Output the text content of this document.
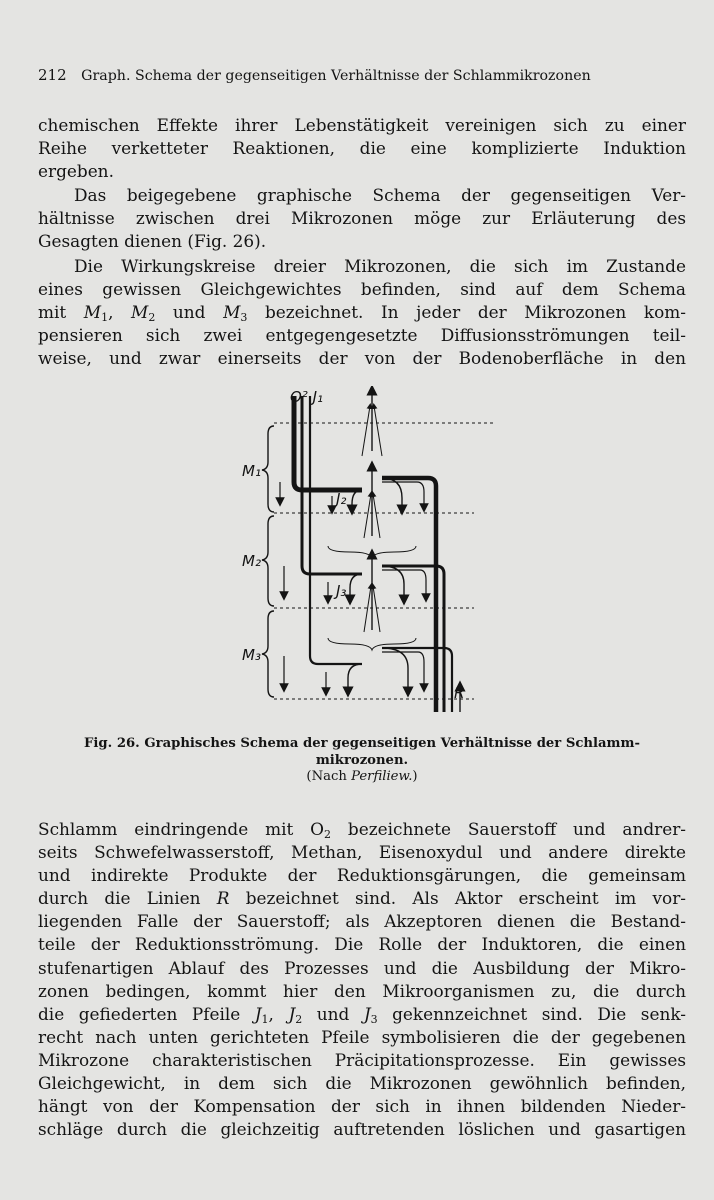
212 Graph. Schema der gegenseitigen Verhältnisse der Schlammikrozonen

chemischen Effekte ihrer Lebenstätigkeit vereinigen sich zu einer
Reihe verketteter Reaktionen, die eine komplizierte Induktion
ergeben.

Das beigegebene graphische Schema der gegenseitigen Ver-
hältnisse zwischen drei Mikrozonen möge zur Erläuterung des
Gesagten dienen (Fig. 26).

Die Wirkungskreise dreier Mikrozonen, die sich im Zustande
eines gewissen Gleichgewichtes befinden, sind auf dem Schema
mit $M_1$, $M_2$ und $M_3$ bezeichnet. In jeder der Mikrozonen kom-
pensieren sich zwei entgegengesetzte Diffusionsströmungen teil-
weise, und zwar einerseits der von der Bodenoberfläche in den

O² J₁
M₁
M₂
M₃
J₂
J₃
R
Fig. 26. Graphisches Schema der gegenseitigen Verhältnisse der Schlamm-
mikrozonen.
(Nach Perfiliew.)

Schlamm eindringende mit $O_2$ bezeichnete Sauerstoff und andrer-
seits Schwefelwasserstoff, Methan, Eisenoxydul und andere direkte
und indirekte Produkte der Reduktionsgärungen, die gemeinsam
durch die Linien R bezeichnet sind. Als Aktor erscheint im vor-
liegenden Falle der Sauerstoff; als Akzeptoren dienen die Bestand-
teile der Reduktionsströmung. Die Rolle der Induktoren, die einen
stufenartigen Ablauf des Prozesses und die Ausbildung der Mikro-
zonen bedingen, kommt hier den Mikroorganismen zu, die durch
die gefiederten Pfeile $J_1$, $J_2$ und $J_3$ gekennzeichnet sind. Die senk-
recht nach unten gerichteten Pfeile symbolisieren die der gegebenen
Mikrozone charakteristischen Präcipitationsprozesse. Ein gewisses
Gleichgewicht, in dem sich die Mikrozonen gewöhnlich befinden,
hängt von der Kompensation der sich in ihnen bildenden Nieder-
schläge durch die gleichzeitig auftretenden löslichen und gasartigen
